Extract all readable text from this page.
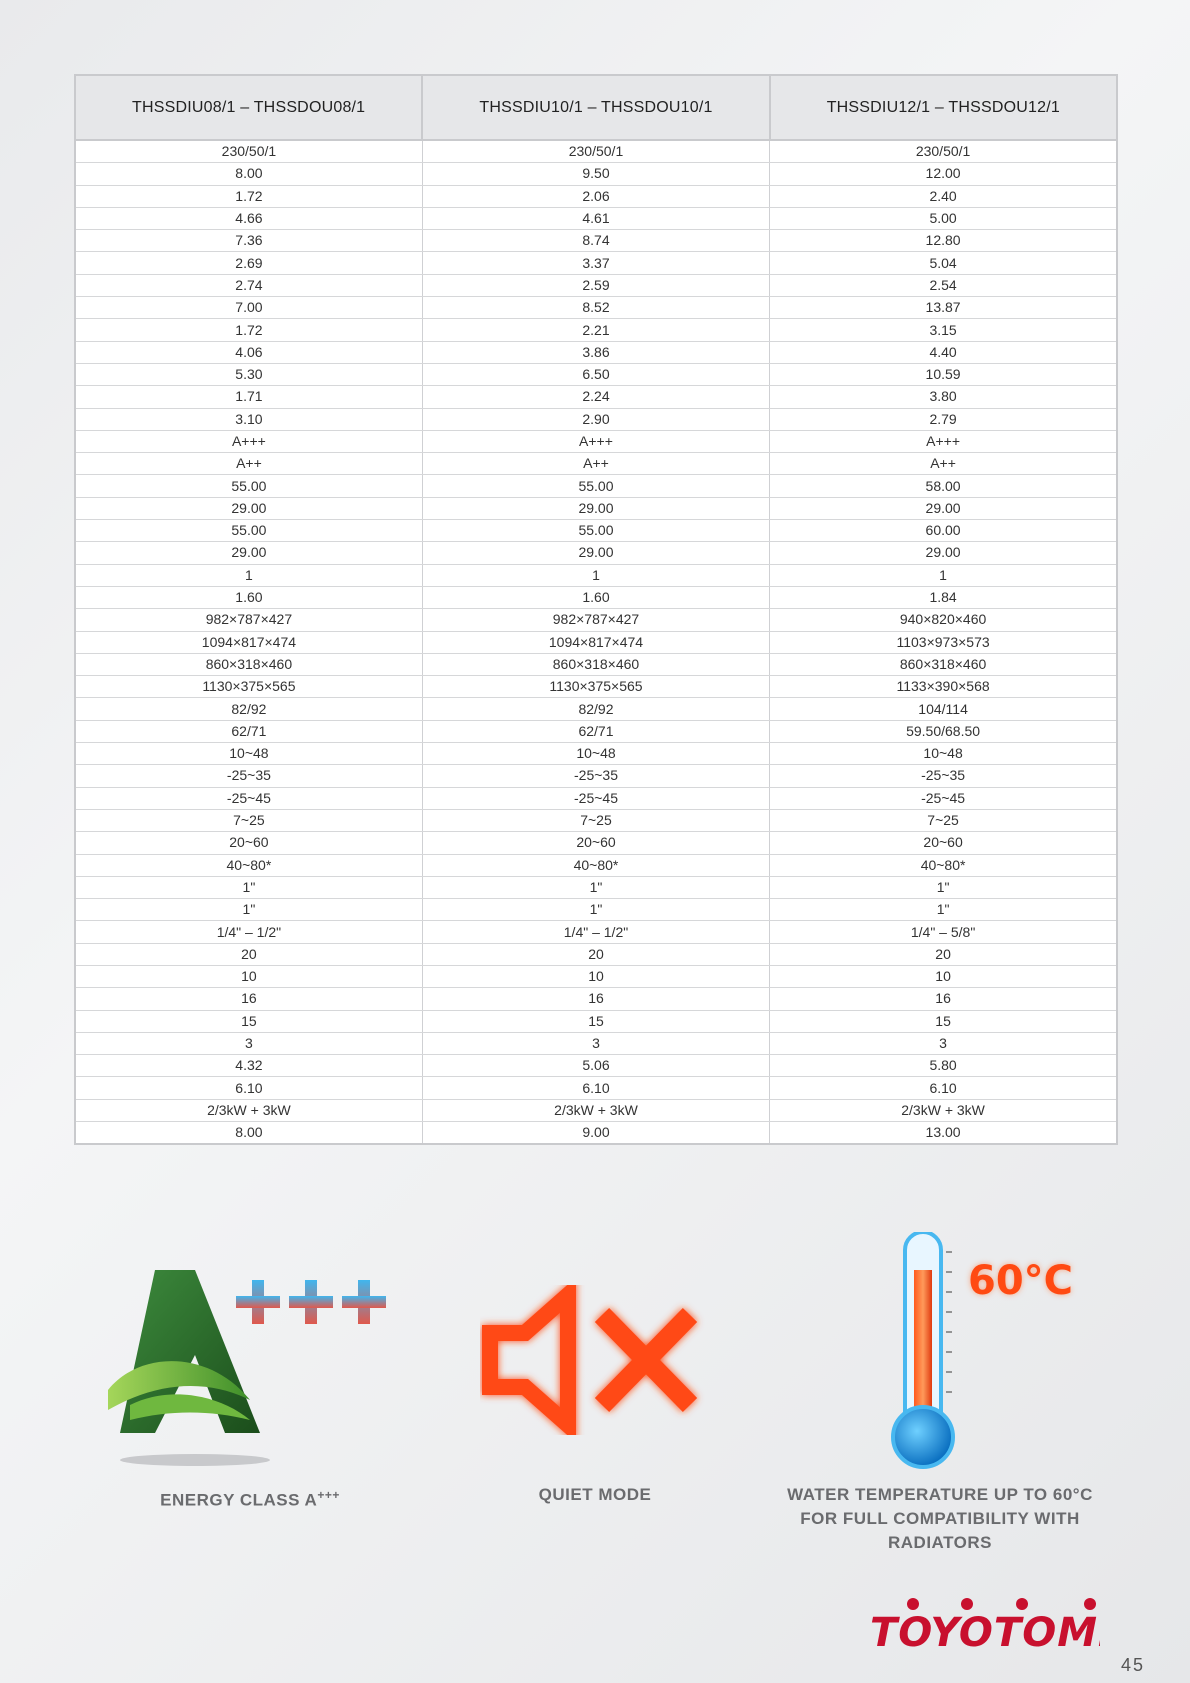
THSSDIU08/1 – THSSDOU08/1	THSSDIU10/1 – THSSDOU10/1	THSSDIU12/1 – THSSDOU12/1
230/50/1	230/50/1	230/50/1
8.00	9.50	12.00
1.72	2.06	2.40
4.66	4.61	5.00
7.36	8.74	12.80
2.69	3.37	5.04
2.74	2.59	2.54
7.00	8.52	13.87
1.72	2.21	3.15
4.06	3.86	4.40
5.30	6.50	10.59
1.71	2.24	3.80
3.10	2.90	2.79
A+++	A+++	A+++
A++	A++	A++
55.00	55.00	58.00
29.00	29.00	29.00
55.00	55.00	60.00
29.00	29.00	29.00
1	1	1
1.60	1.60	1.84
982×787×427	982×787×427	940×820×460
1094×817×474	1094×817×474	1103×973×573
860×318×460	860×318×460	860×318×460
1130×375×565	1130×375×565	1133×390×568
82/92	82/92	104/114
62/71	62/71	59.50/68.50
10~48	10~48	10~48
-25~35	-25~35	-25~35
-25~45	-25~45	-25~45
7~25	7~25	7~25
20~60	20~60	20~60
40~80*	40~80*	40~80*
1"	1"	1"
1"	1"	1"
1/4" – 1/2"	1/4" – 1/2"	1/4" – 5/8"
20	20	20
10	10	10
16	16	16
15	15	15
3	3	3
4.32	5.06	5.80
6.10	6.10	6.10
2/3kW + 3kW	2/3kW + 3kW	2/3kW + 3kW
8.00	9.00	13.00
ENERGY CLASS A+++	QUIET MODE
60°C
WATER TEMPERATURE UP TO 60°C
FOR FULL COMPATIBILITY WITH
RADIATORS
TOYOTOMI
45
